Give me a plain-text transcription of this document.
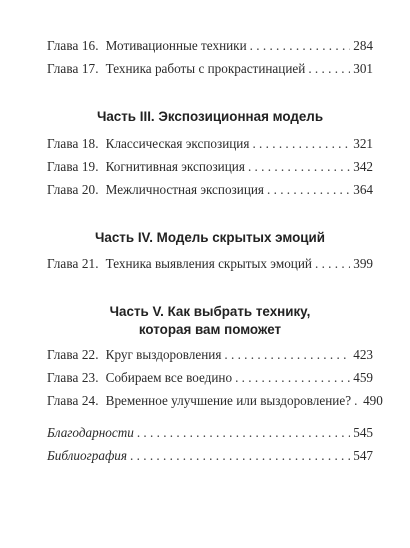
Глава 16. Мотивационные техники . . .	284
Глава 17. Техника работы с прокрастинацией . . .	301
Часть III. Экспозиционная модель
Глава 18. Классическая экспозиция . . .	321
Глава 19. Когнитивная экспозиция . . .	342
Глава 20. Межличностная экспозиция . . .	364
Часть IV. Модель скрытых эмоций
Глава 21. Техника выявления скрытых эмоций . . .	399
Часть V. Как выбрать технику,
которая вам поможет
Глава 22. Круг выздоровления . . .	423
Глава 23. Собираем все воедино . . .	459
Глава 24. Временное улучшение или выздоровление? . . . 490
Благодарности . . .	545
Библиография . . .	547
